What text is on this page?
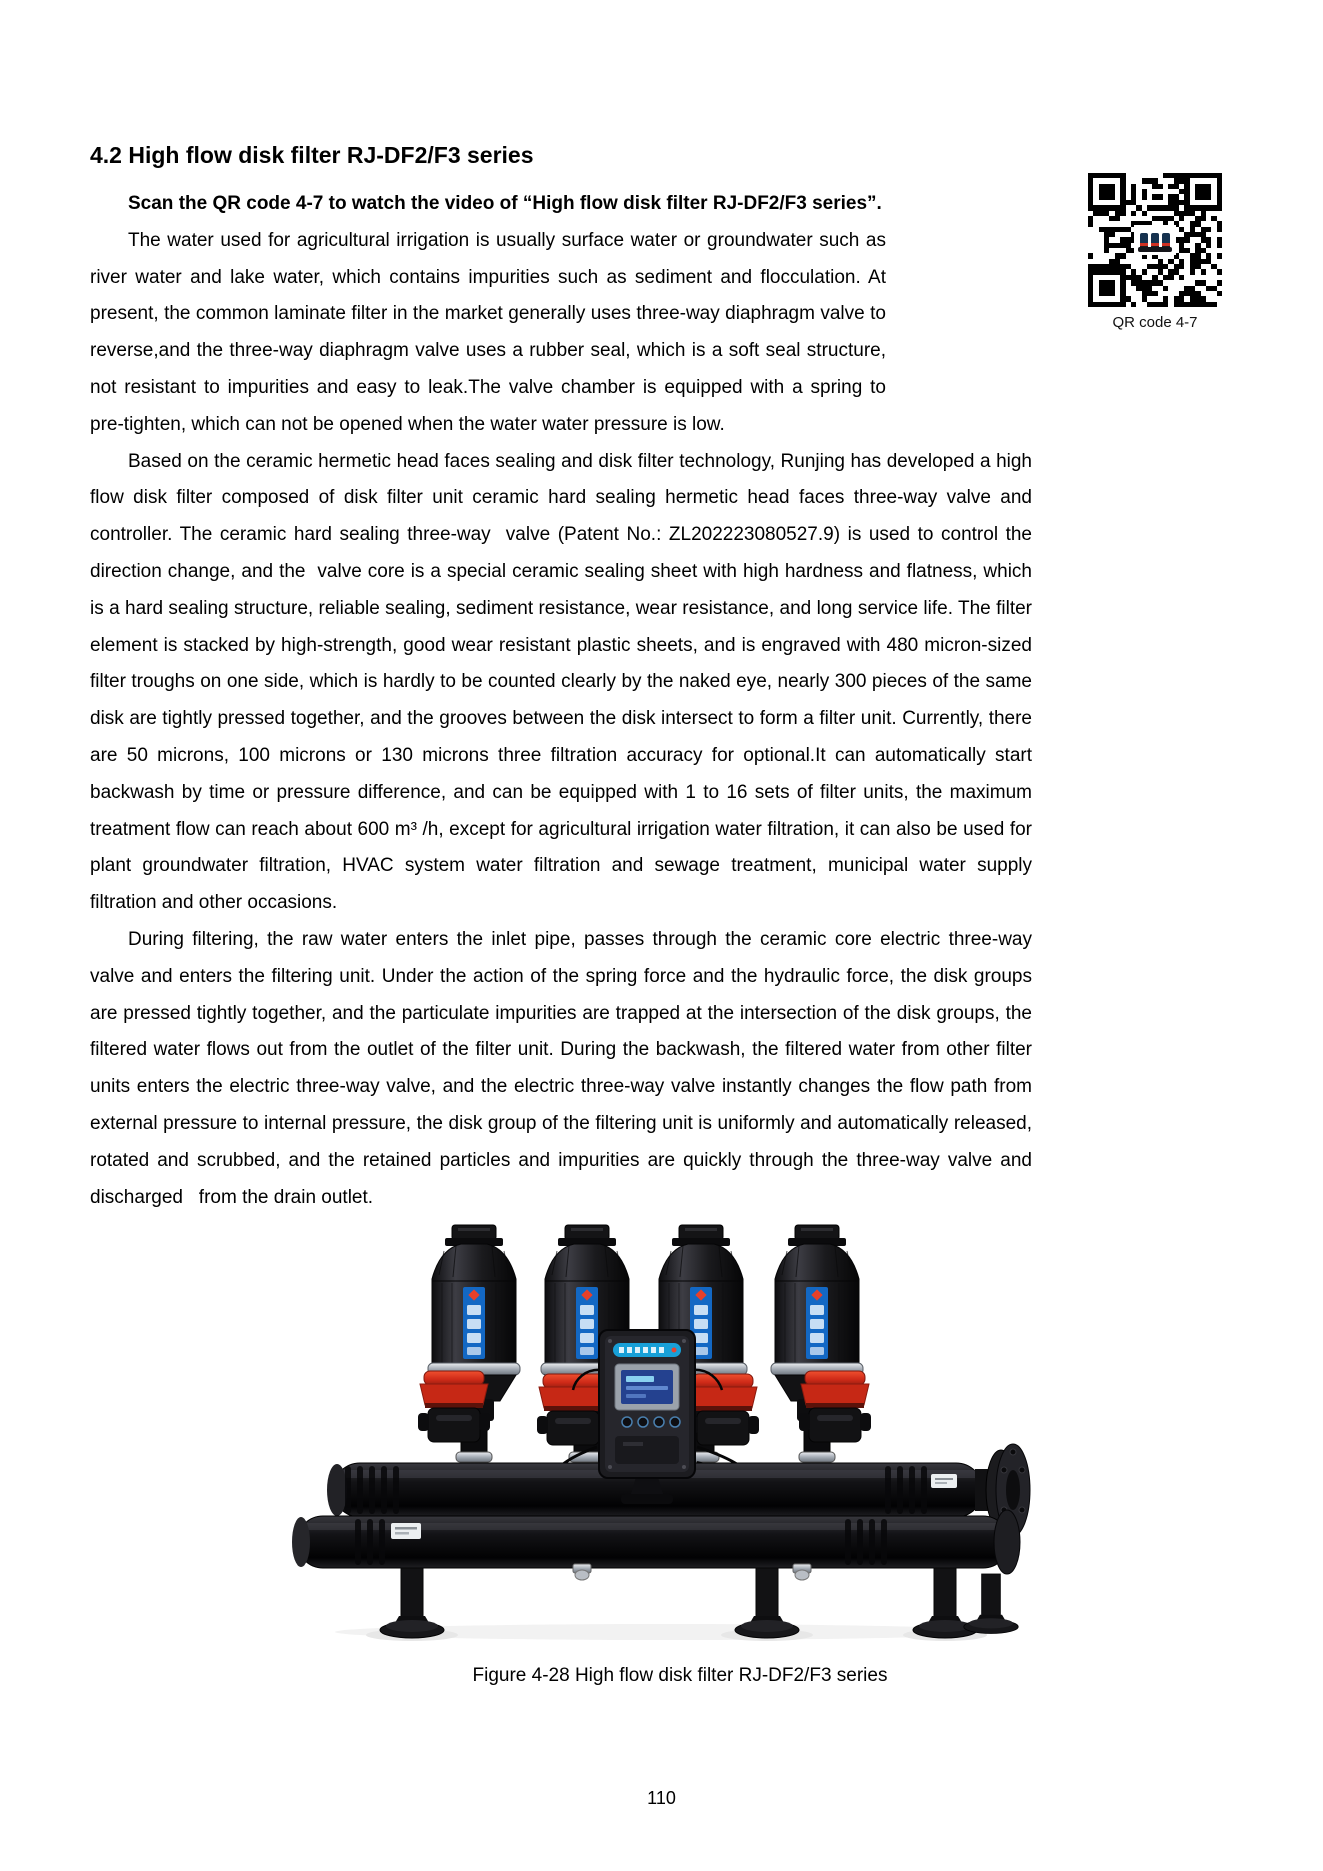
4.2 High flow disk filter RJ-DF2/F3 series

Scan the QR code 4-7 to watch the video of “High flow disk filter RJ-DF2/F3 series”.

The water used for agricultural irrigation is usually surface water or groundwater such as river water and lake water, which contains impurities such as sediment and flocculation. At present, the common laminate filter in the market generally uses three-way diaphragm valve to reverse,and the three-way diaphragm valve uses a rubber seal, which is a soft seal structure, not resistant to impurities and easy to leak.The valve chamber is equipped with a spring to pre-tighten, which can not be opened when the water water pressure is low.

Based on the ceramic hermetic head faces sealing and disk filter technology, Runjing has developed a high flow disk filter composed of disk filter unit ceramic hard sealing hermetic head faces three-way valve and controller. The ceramic hard sealing three-way  valve (Patent No.: ZL202223080527.9) is used to control the direction change, and the  valve core is a special ceramic sealing sheet with high hardness and flatness, which is a hard sealing structure, reliable sealing, sediment resistance, wear resistance, and long service life. The filter element is stacked by high-strength, good wear resistant plastic sheets, and is engraved with 480 micron-sized filter troughs on one side, which is hardly to be counted clearly by the naked eye, nearly 300 pieces of the same disk are tightly pressed together, and the grooves between the disk intersect to form a filter unit. Currently, there are 50 microns, 100 microns or 130 microns three filtration accuracy for optional.It can automatically start backwash by time or pressure difference, and can be equipped with 1 to 16 sets of filter units, the maximum treatment flow can reach about 600 m³ /h, except for agricultural irrigation water filtration, it can also be used for plant groundwater filtration, HVAC system water filtration and sewage treatment, municipal water supply filtration and other occasions.

During filtering, the raw water enters the inlet pipe, passes through the ceramic core electric three-way valve and enters the filtering unit. Under the action of the spring force and the hydraulic force, the disk groups are pressed tightly together, and the particulate impurities are trapped at the intersection of the disk groups, the filtered water flows out from the outlet of the filter unit. During the backwash, the filtered water from other filter units enters the electric three-way valve, and the electric three-way valve instantly changes the flow path from external pressure to internal pressure, the disk group of the filtering unit is uniformly and automatically released, rotated and scrubbed, and the retained particles and impurities are quickly through the three-way valve and discharged   from the drain outlet.

Figure 4-28 High flow disk filter RJ-DF2/F3 series

QR code 4-7
110
